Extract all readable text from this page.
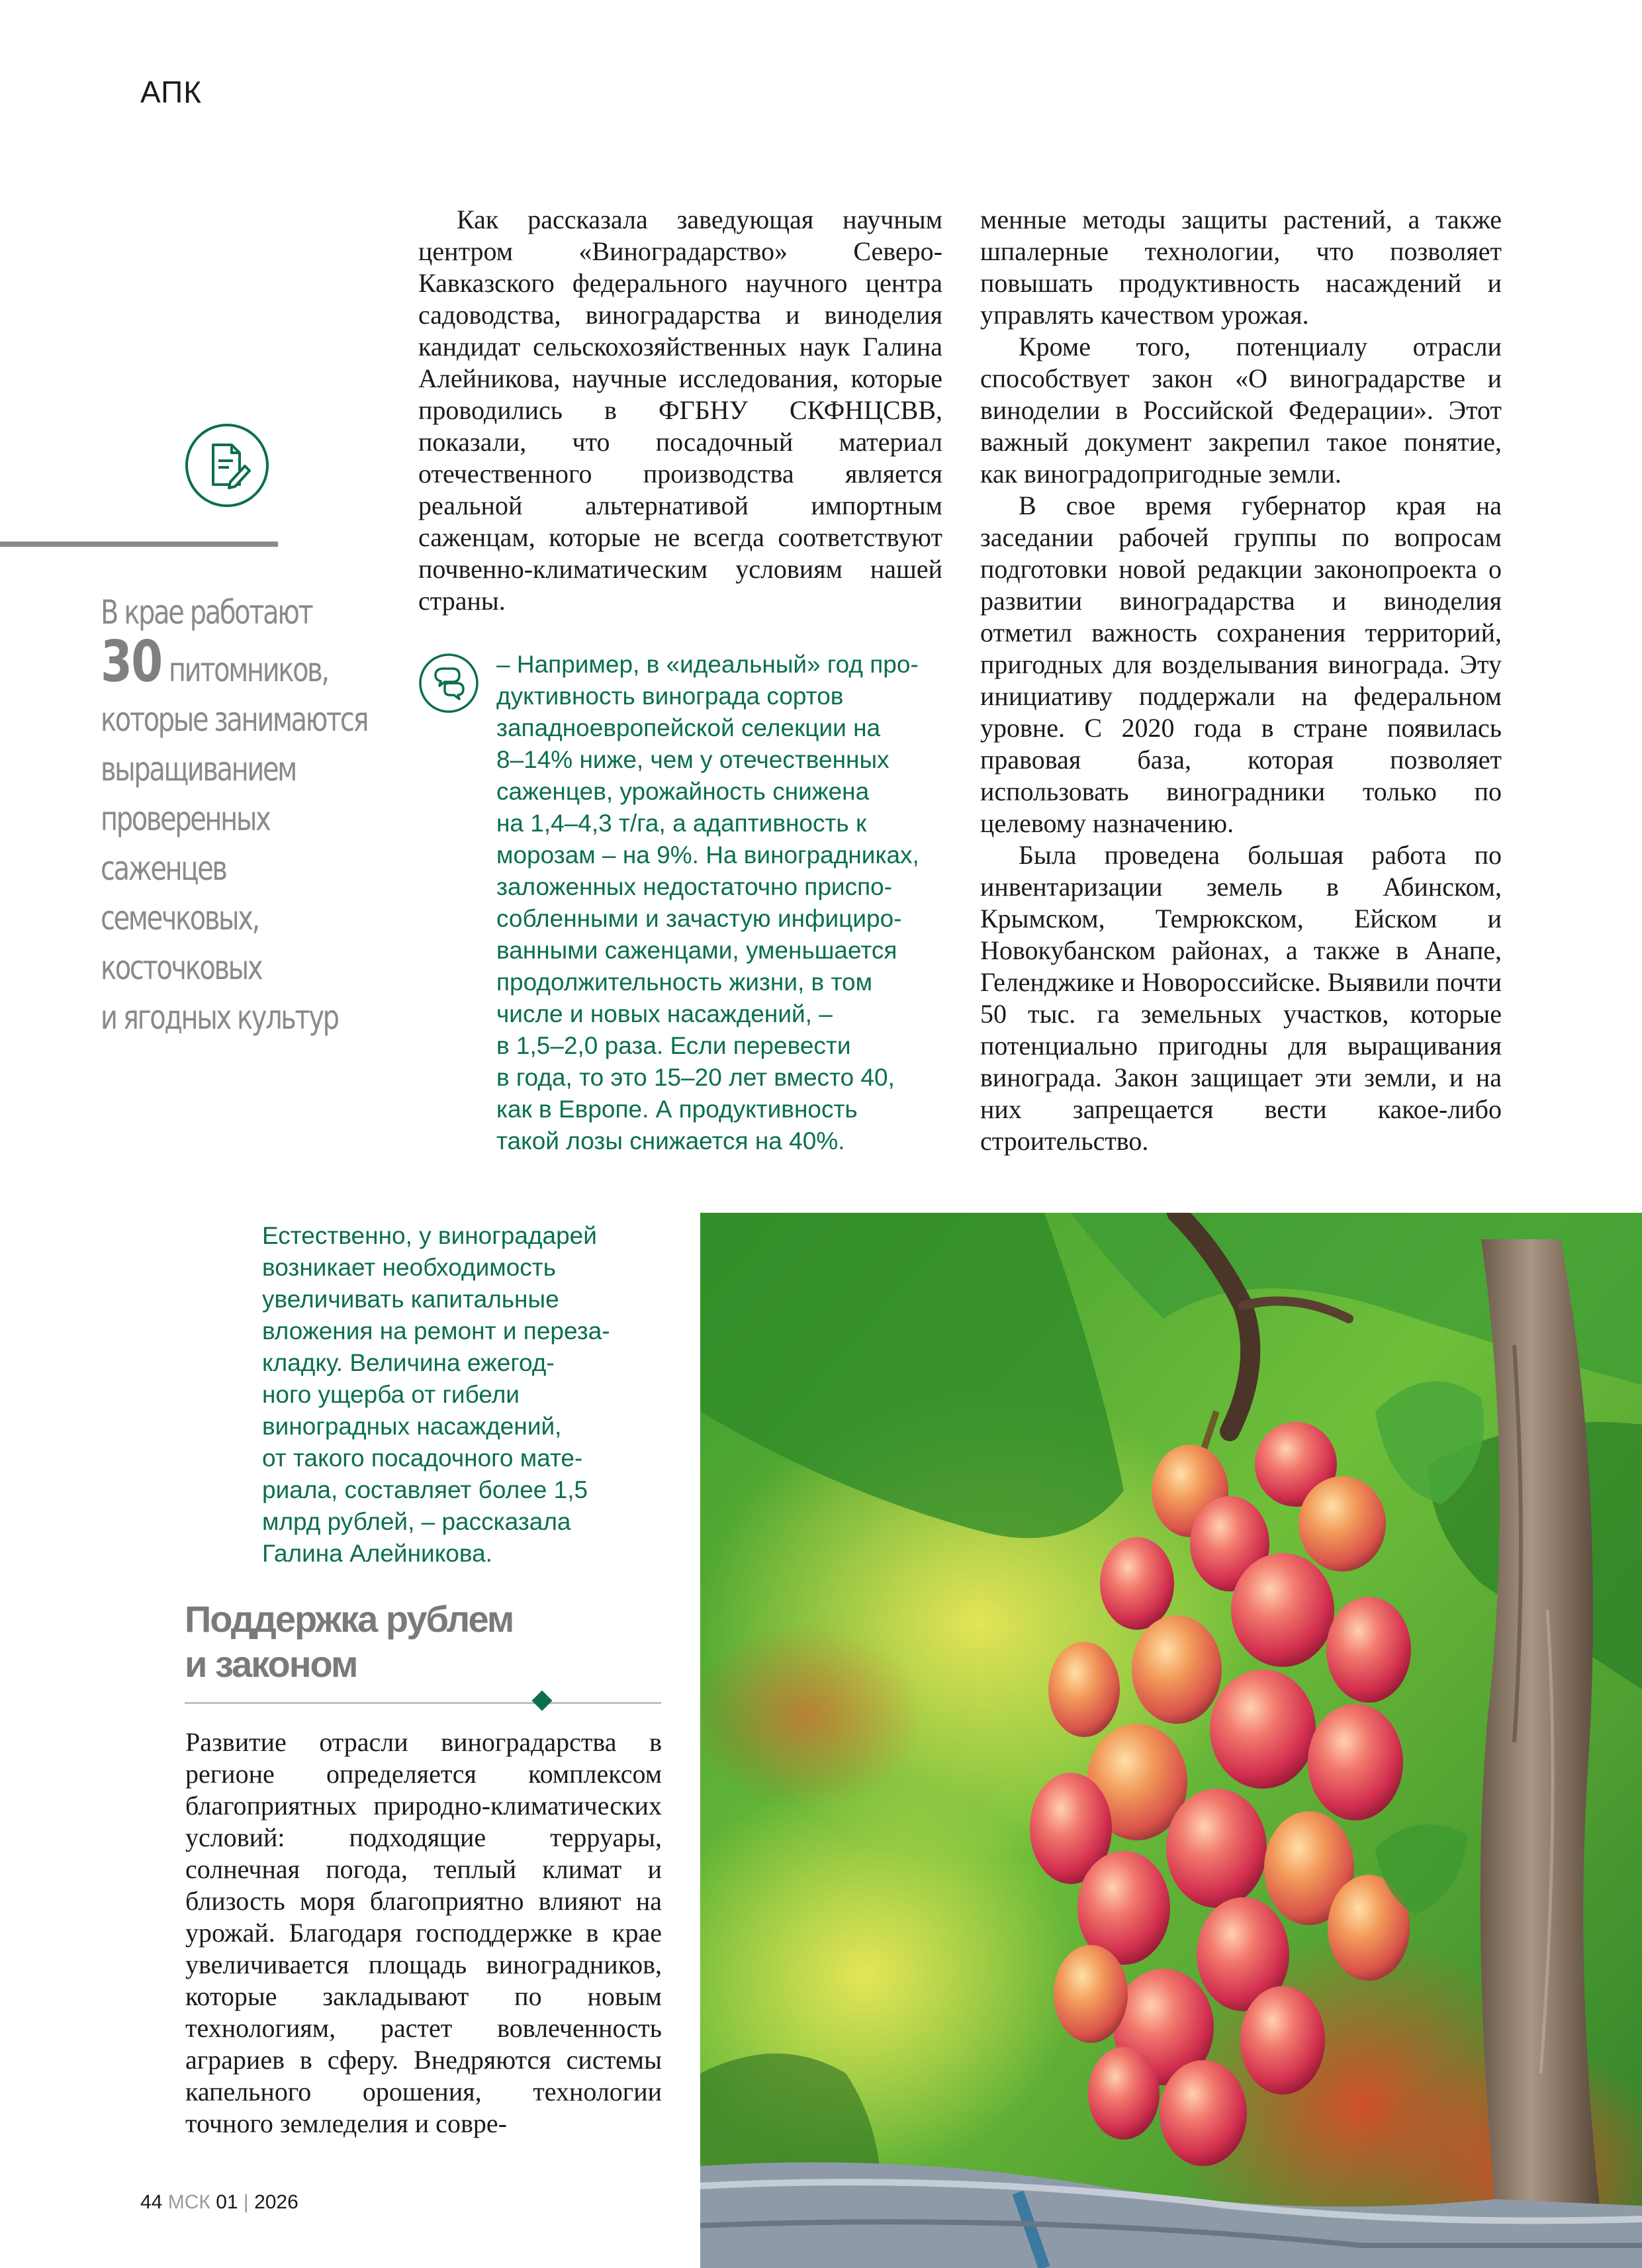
АПК

Как рассказала заведующая научным центром «Виноградарство» Северо-Кавказского федерального научного центра садоводства, виноградарства и виноделия кандидат сельскохозяйственных наук Галина Алейникова, научные исследования, которые проводились в ФГБНУ СКФНЦСВВ, показали, что посадочный материал отечественного производства является реальной альтернативой импортным саженцам, которые не всегда соответствуют почвенно-климатическим условиям нашей страны.

В крае работают
30 питомников,
которые занимаются
выращиванием
проверенных
саженцев
семечковых,
косточковых
и ягодных культур
– Например, в «идеальный» год про-
дуктивность винограда сортов
западноевропейской селекции на
8–14% ниже, чем у отечественных
саженцев, урожайность снижена
на 1,4–4,3 т/га, а адаптивность к
морозам – на 9%. На виноградниках,
заложенных недостаточно приспо-
собленными и зачастую инфициро-
ванными саженцами, уменьшается
продолжительность жизни, в том
числе и новых насаждений, –
в 1,5–2,0 раза. Если перевести
в года, то это 15–20 лет вместо 40,
как в Европе. А продуктивность
такой лозы снижается на 40%.

менные методы защиты растений, а также шпалерные технологии, что позволяет повышать продуктивность насаждений и управлять качеством урожая.

Кроме того, потенциалу отрасли способствует закон «О виноградарстве и виноделии в Российской Федерации». Этот важный документ закрепил такое понятие, как виноградопригодные земли.

В свое время губернатор края на заседании рабочей группы по вопросам подготовки новой редакции законопроекта о развитии виноградарства и виноделия отметил важность сохранения территорий, пригодных для возделывания винограда. Эту инициативу поддержали на федеральном уровне. С 2020 года в стране появилась правовая база, которая позволяет использовать виноградники только по целевому назначению.

Была проведена большая работа по инвентаризации земель в Абинском, Крымском, Темрюкском, Ейском и Новокубанском районах, а также в Анапе, Геленджике и Новороссийске. Выявили почти 50 тыс. га земельных участков, которые потенциально пригодны для выращивания винограда. Закон защищает эти земли, и на них запрещается вести какое-либо строительство.

Естественно, у виноградарей
возникает необходимость
увеличивать капитальные
вложения на ремонт и переза-
кладку. Величина ежегод-
ного ущерба от гибели
виноградных насаждений,
от такого посадочного мате-
риала, составляет более 1,5
млрд рублей, – рассказала
Галина Алейникова.
Поддержка рублем
и законом

Развитие отрасли виноградарства в регионе определяется комплексом благоприятных природно-климатических условий: подходящие терруары, солнечная погода, теплый климат и близость моря благоприятно влияют на урожай. Благодаря господдержке в крае увеличивается площадь виноградников, которые закладывают по новым технологиям, растет вовлеченность аграриев в сферу. Внедряются системы капельного орошения, технологии точного земледелия и совре-

44 МСК 01 | 2026
